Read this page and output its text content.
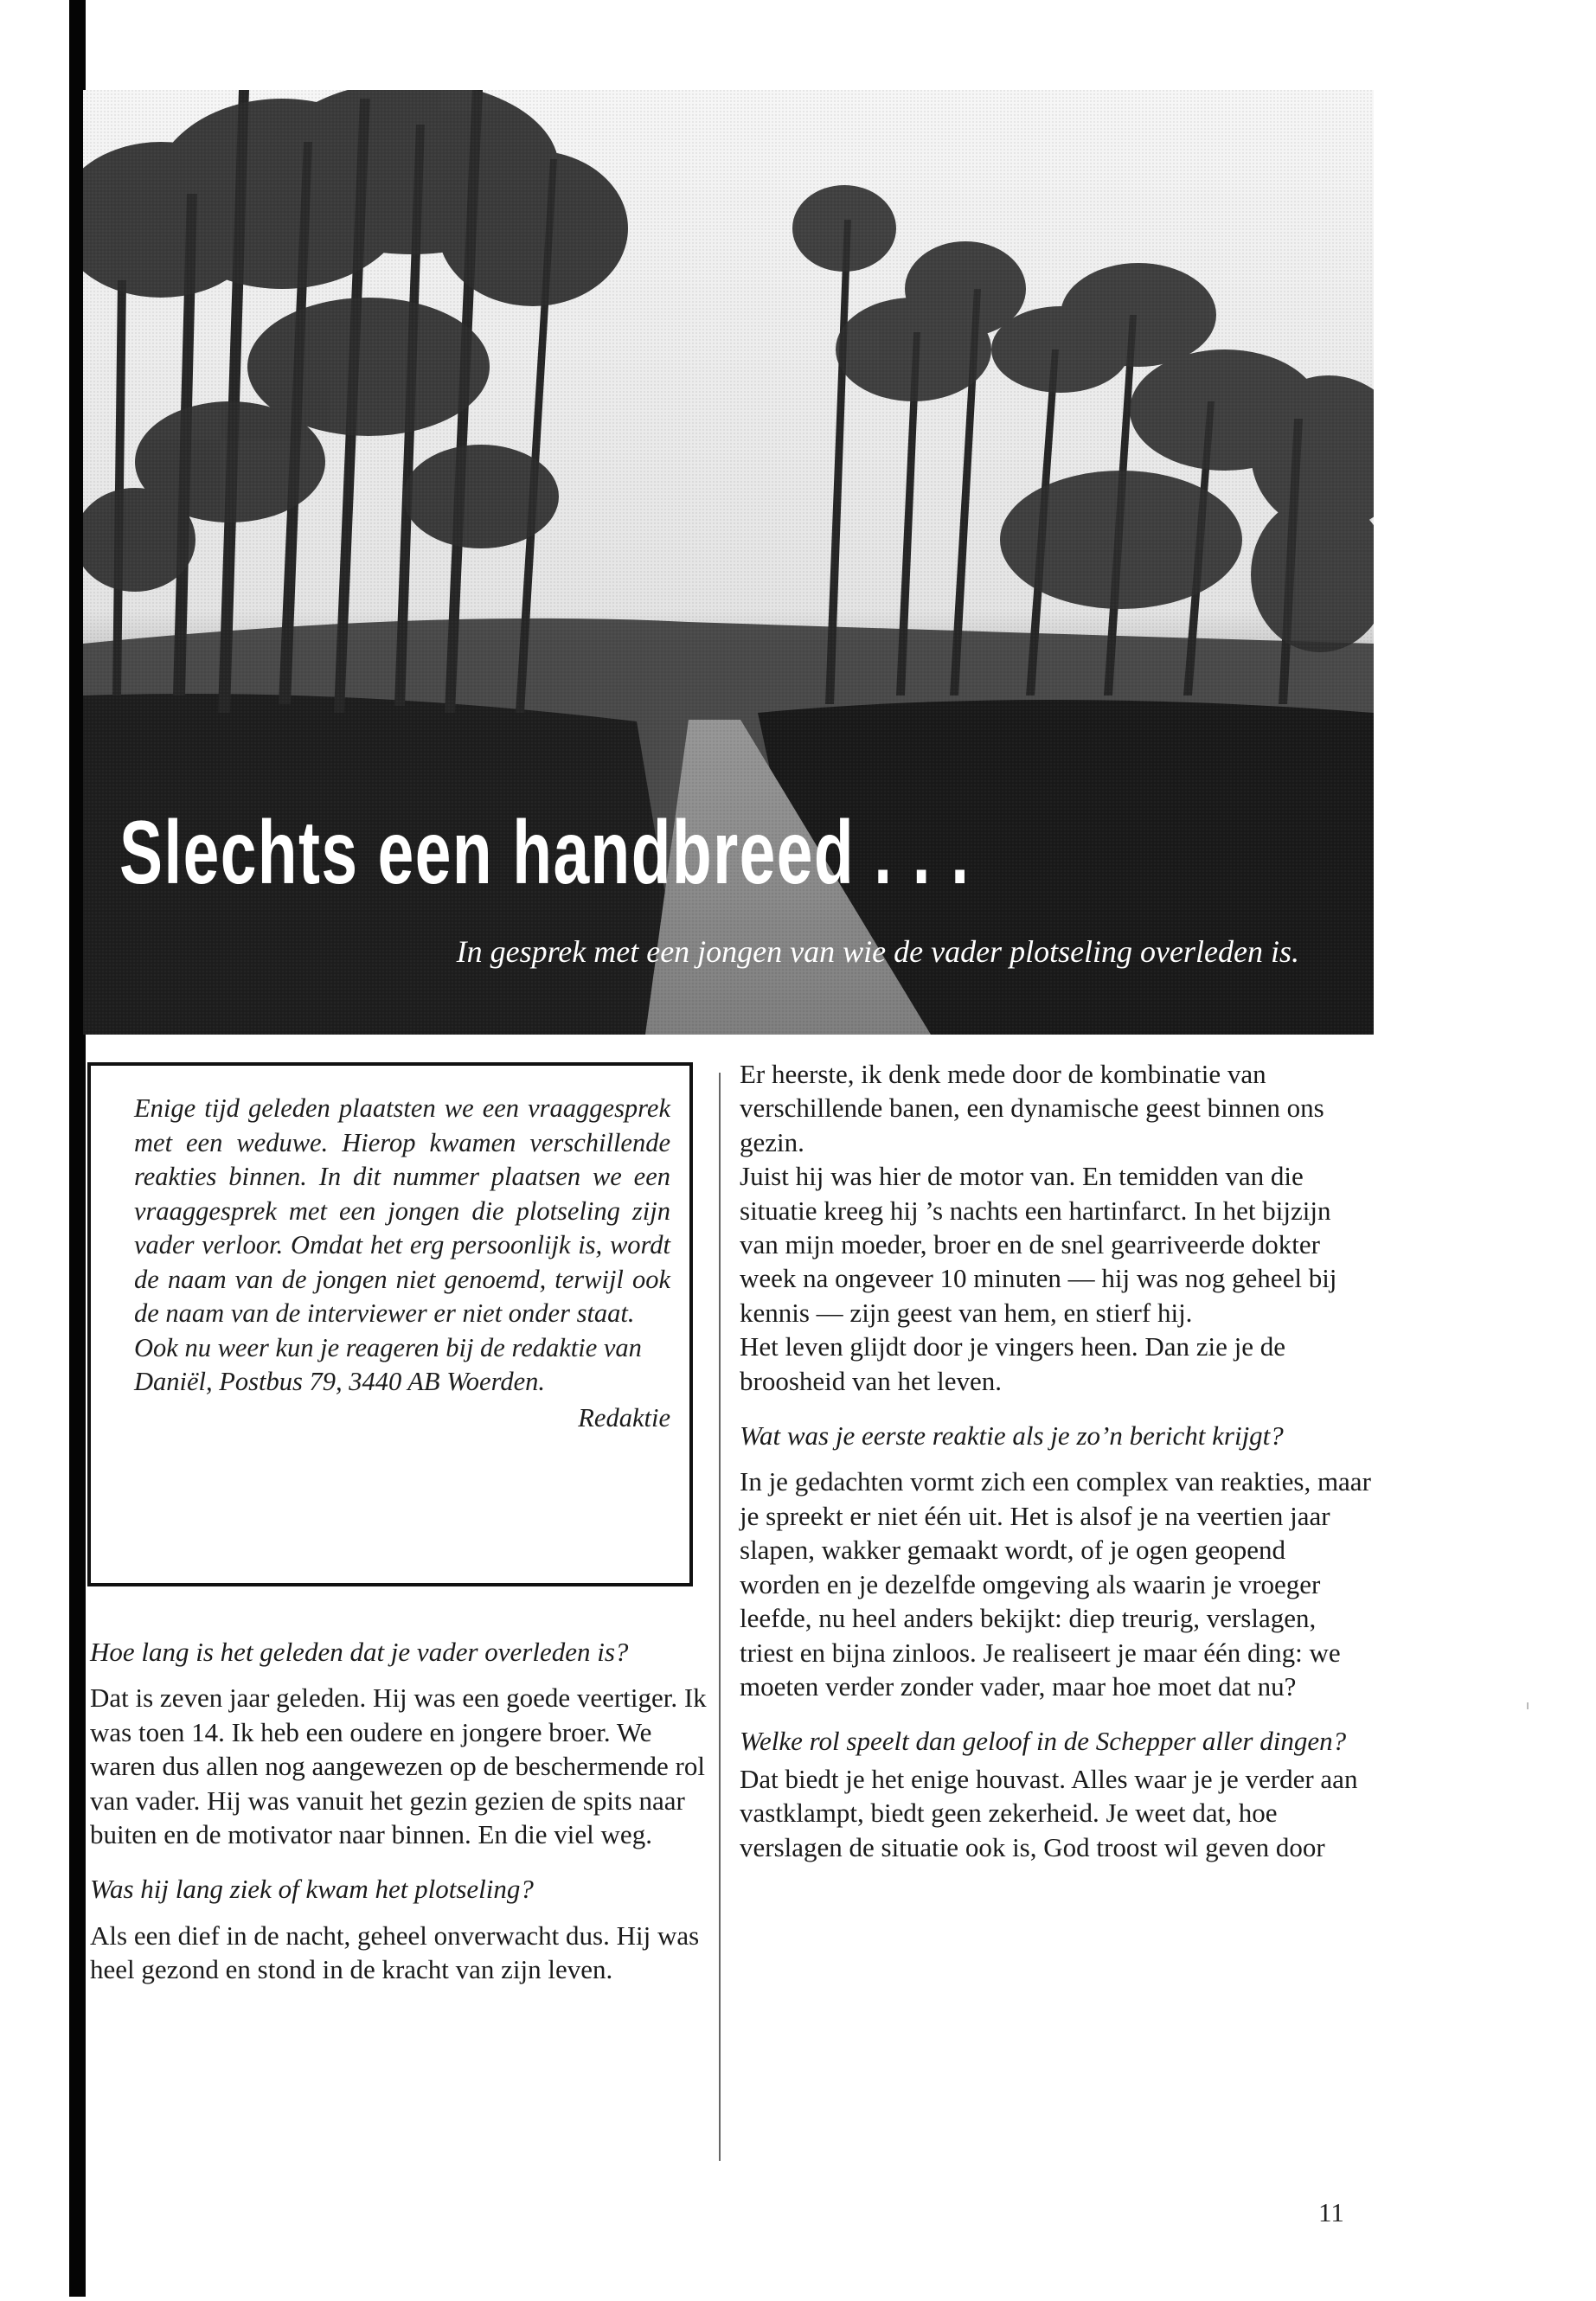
Slechts een handbreed . . .
In gesprek met een jongen van wie de vader plotseling overleden is.

Enige tijd geleden plaatsten we een vraaggesprek met een weduwe. Hierop kwamen verschillende reakties binnen. In dit nummer plaatsen we een vraaggesprek met een jongen die plotseling zijn vader verloor. Omdat het erg persoonlijk is, wordt de naam van de jongen niet genoemd, terwijl ook de naam van de interviewer er niet onder staat.

Ook nu weer kun je reageren bij de redaktie van Daniël, Postbus 79, 3440 AB Woerden.

Redaktie

Hoe lang is het geleden dat je vader overleden is?

Dat is zeven jaar geleden. Hij was een goede veertiger. Ik was toen 14. Ik heb een oudere en jongere broer. We waren dus allen nog aangewezen op de beschermende rol van vader. Hij was vanuit het gezin gezien de spits naar buiten en de motivator naar binnen. En die viel weg.

Was hij lang ziek of kwam het plotseling?

Als een dief in de nacht, geheel onverwacht dus. Hij was heel gezond en stond in de kracht van zijn leven.

Er heerste, ik denk mede door de kombinatie van verschillende banen, een dynamische geest binnen ons gezin.

Juist hij was hier de motor van. En temidden van die situatie kreeg hij ’s nachts een hartinfarct. In het bijzijn van mijn moeder, broer en de snel gearriveerde dokter week na ongeveer 10 minuten — hij was nog geheel bij kennis — zijn geest van hem, en stierf hij.

Het leven glijdt door je vingers heen. Dan zie je de broosheid van het leven.

Wat was je eerste reaktie als je zo’n bericht krijgt?

In je gedachten vormt zich een complex van reakties, maar je spreekt er niet één uit. Het is alsof je na veertien jaar slapen, wakker gemaakt wordt, of je ogen geopend worden en je dezelfde omgeving als waarin je vroeger leefde, nu heel anders bekijkt: diep treurig, verslagen, triest en bijna zinloos. Je realiseert je maar één ding: we moeten verder zonder vader, maar hoe moet dat nu?

Welke rol speelt dan geloof in de Schepper aller dingen?

Dat biedt je het enige houvast. Alles waar je je verder aan vastklampt, biedt geen zekerheid. Je weet dat, hoe verslagen de situatie ook is, God troost wil geven door

11
